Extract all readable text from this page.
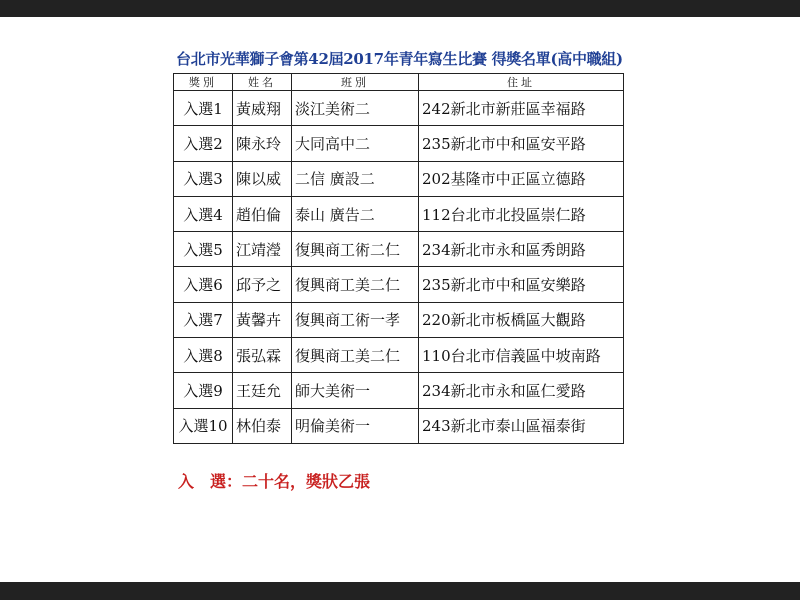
台北市光華獅子會第42屆2017年青年寫生比賽 得獎名單(高中職組)
獎別	姓名	班別	住址
入選1	黃威翔	淡江美術二	242新北市新莊區幸福路
入選2	陳永玲	大同高中二	235新北市中和區安平路
入選3	陳以威	二信 廣設二	202基隆市中正區立德路
入選4	趙伯倫	泰山 廣告二	112台北市北投區崇仁路
入選5	江靖瀅	復興商工術二仁	234新北市永和區秀朗路
入選6	邱予之	復興商工美二仁	235新北市中和區安樂路
入選7	黃馨卉	復興商工術一孝	220新北市板橋區大觀路
入選8	張弘霖	復興商工美二仁	110台北市信義區中坡南路
入選9	王廷允	師大美術一	234新北市永和區仁愛路
入選10	林伯泰	明倫美術一	243新北市泰山區福泰街
入　選：二十名，獎狀乙張
